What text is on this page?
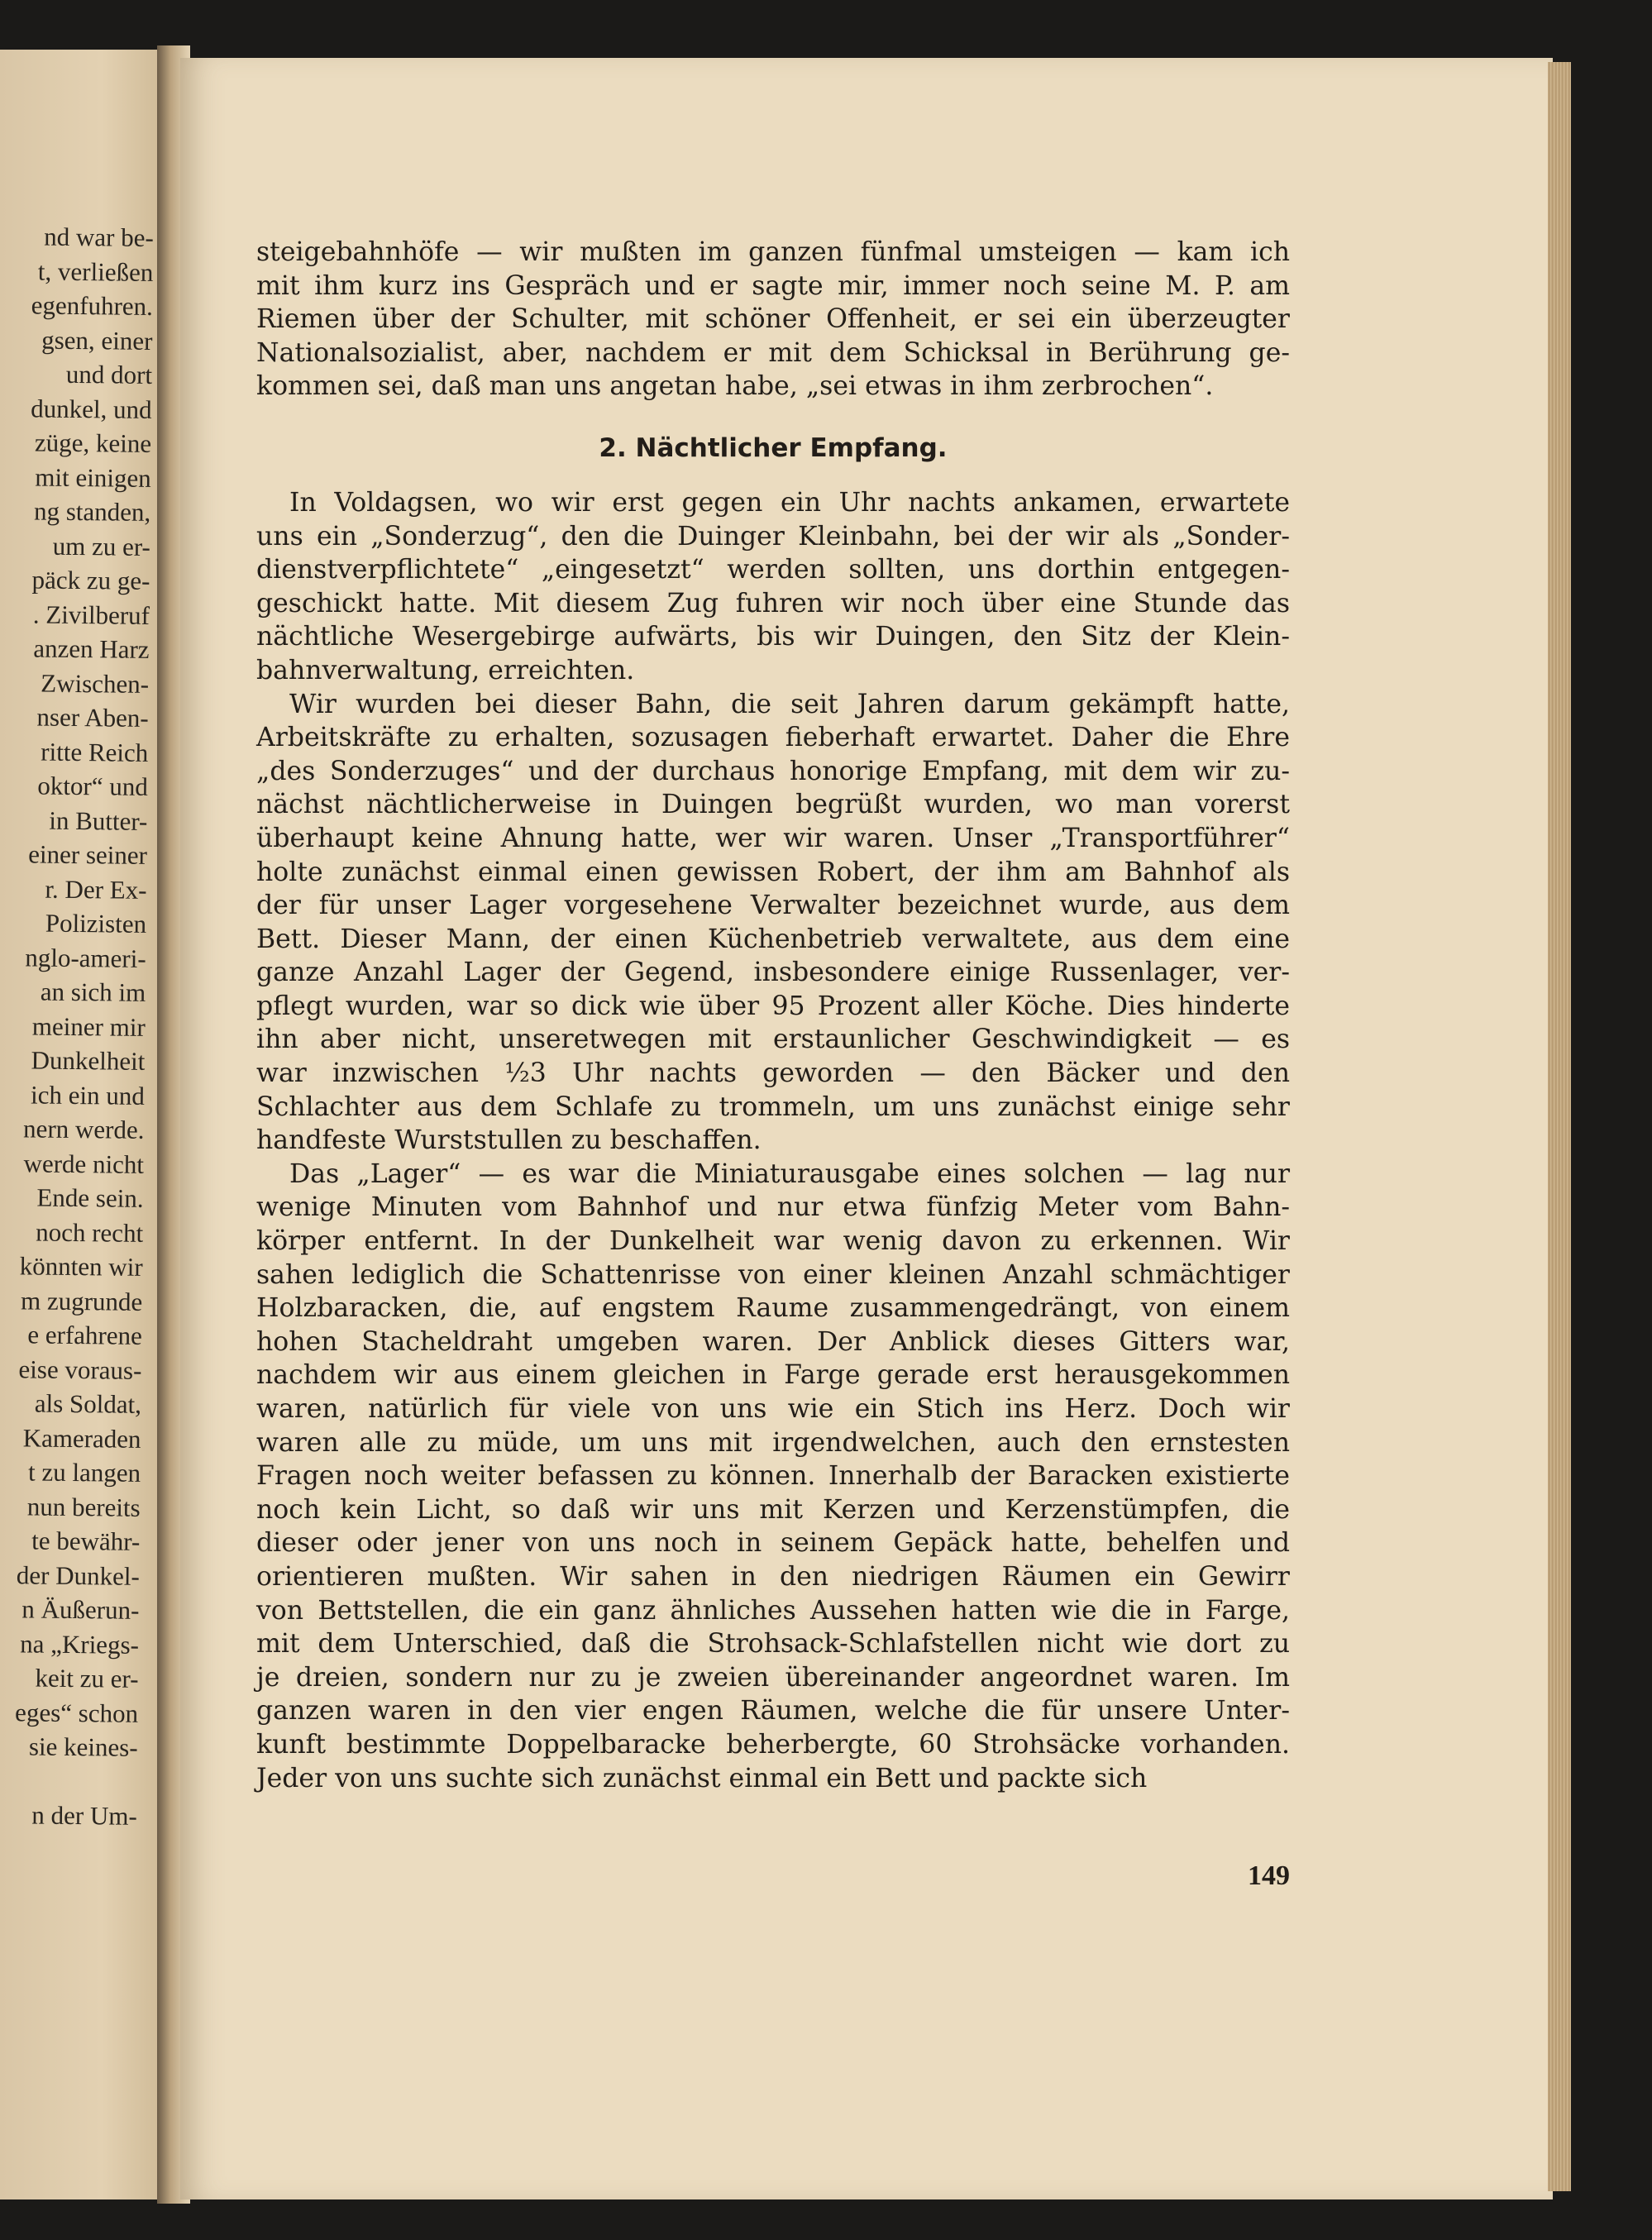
nd war be-
t, verließen
egenfuhren.
gsen, einer
und dort
dunkel, und
züge, keine
mit einigen
ng standen,
um zu er-
päck zu ge-
. Zivilberuf
anzen Harz
Zwischen-
nser Aben-
ritte Reich
oktor“ und
in Butter-
einer seiner
r. Der Ex-
Polizisten
nglo-ameri-
an sich im
meiner mir
Dunkelheit
ich ein und
nern werde.
werde nicht
Ende sein.
noch recht
könnten wir
m zugrunde
e erfahrene
eise voraus-
als Soldat,
Kameraden
t zu langen
nun bereits
te bewähr-
der Dunkel-
n Äußerun-
na „Kriegs-
keit zu er-
eges“ schon
sie keines-
n der Um-
steigebahnhöfe — wir mußten im ganzen fünfmal umsteigen — kam ich
mit ihm kurz ins Gespräch und er sagte mir, immer noch seine M. P. am
Riemen über der Schulter, mit schöner Offenheit, er sei ein überzeugter
Nationalsozialist, aber, nachdem er mit dem Schicksal in Berührung ge-
kommen sei, daß man uns angetan habe, „sei etwas in ihm zerbrochen“.
2. Nächtlicher Empfang.
In Voldagsen, wo wir erst gegen ein Uhr nachts ankamen, erwartete
uns ein „Sonderzug“, den die Duinger Kleinbahn, bei der wir als „Sonder-
dienstverpflichtete“ „eingesetzt“ werden sollten, uns dorthin entgegen-
geschickt hatte. Mit diesem Zug fuhren wir noch über eine Stunde das
nächtliche Wesergebirge aufwärts, bis wir Duingen, den Sitz der Klein-
bahnverwaltung, erreichten.
Wir wurden bei dieser Bahn, die seit Jahren darum gekämpft hatte,
Arbeitskräfte zu erhalten, sozusagen fieberhaft erwartet. Daher die Ehre
„des Sonderzuges“ und der durchaus honorige Empfang, mit dem wir zu-
nächst nächtlicherweise in Duingen begrüßt wurden, wo man vorerst
überhaupt keine Ahnung hatte, wer wir waren. Unser „Transportführer“
holte zunächst einmal einen gewissen Robert, der ihm am Bahnhof als
der für unser Lager vorgesehene Verwalter bezeichnet wurde, aus dem
Bett. Dieser Mann, der einen Küchenbetrieb verwaltete, aus dem eine
ganze Anzahl Lager der Gegend, insbesondere einige Russenlager, ver-
pflegt wurden, war so dick wie über 95 Prozent aller Köche. Dies hinderte
ihn aber nicht, unseretwegen mit erstaunlicher Geschwindigkeit — es
war inzwischen ½3 Uhr nachts geworden — den Bäcker und den
Schlachter aus dem Schlafe zu trommeln, um uns zunächst einige sehr
handfeste Wurststullen zu beschaffen.
Das „Lager“ — es war die Miniaturausgabe eines solchen — lag nur
wenige Minuten vom Bahnhof und nur etwa fünfzig Meter vom Bahn-
körper entfernt. In der Dunkelheit war wenig davon zu erkennen. Wir
sahen lediglich die Schattenrisse von einer kleinen Anzahl schmächtiger
Holzbaracken, die, auf engstem Raume zusammengedrängt, von einem
hohen Stacheldraht umgeben waren. Der Anblick dieses Gitters war,
nachdem wir aus einem gleichen in Farge gerade erst herausgekommen
waren, natürlich für viele von uns wie ein Stich ins Herz. Doch wir
waren alle zu müde, um uns mit irgendwelchen, auch den ernstesten
Fragen noch weiter befassen zu können. Innerhalb der Baracken existierte
noch kein Licht, so daß wir uns mit Kerzen und Kerzenstümpfen, die
dieser oder jener von uns noch in seinem Gepäck hatte, behelfen und
orientieren mußten. Wir sahen in den niedrigen Räumen ein Gewirr
von Bettstellen, die ein ganz ähnliches Aussehen hatten wie die in Farge,
mit dem Unterschied, daß die Strohsack-Schlafstellen nicht wie dort zu
je dreien, sondern nur zu je zweien übereinander angeordnet waren. Im
ganzen waren in den vier engen Räumen, welche die für unsere Unter-
kunft bestimmte Doppelbaracke beherbergte, 60 Strohsäcke vorhanden.
Jeder von uns suchte sich zunächst einmal ein Bett und packte sich
149
